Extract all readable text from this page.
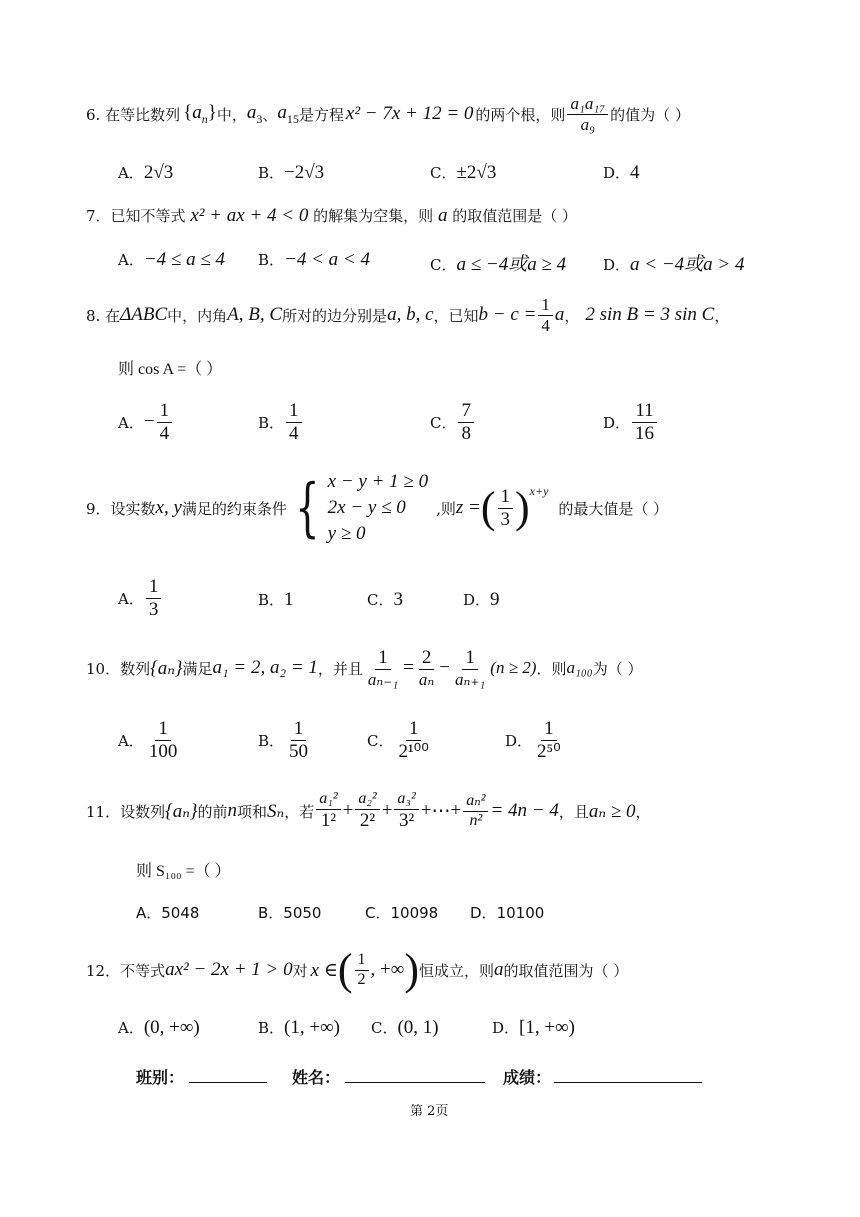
6. 在等比数列 $\{a_n\}$ 中， $a_3$ 、 $a_{15}$ 是方程 x² − 7x + 12 = 0 的两个根，则 $\frac{\text{a₁a₁₇}}{\text{a₉}}$ 的值为（ ）
A．2√3	B．−2√3	C．±2√3	D．4
7．已知不等式 x² + ax + 4 < 0 的解集为空集，则 a 的取值范围是（ ）
A．−4 ≤ a ≤ 4 B．−4 < a < 4	C．a ≤ −4或a ≥ 4 D．a < −4或a > 4
8. 在 ΔABC 中，内角 A, B, C 所对的边分别是 a, b, c ，已知 $b - c = \frac{1}{4}$ a ， 2 sin B = 3 sin C ，
则 cos A =（ ）
A． − $\frac{1}{4}$	B． $\frac{1}{4}$	C． $\frac{7}{8}$	D． $\frac{11}{16}$
9．设实数 x, y 满足的约束条件 { x − y + 1 ≥ 0
2x − y ≤ 0
y ≥ 0
,则 z = ( $\frac{1}{3}$ ) x+y
的最大值是（ ）
A． $\frac{1}{3}$	B．1	C．3	D．9
10．数列 {aₙ} 满足 a₁ = 2, a₂ = 1 ，并且 $\frac{1}{\text{aₙ₋₁}} = \frac{2}{\text{aₙ}} - \frac{1}{\text{aₙ₊₁}} (n \ge 2)$ ．则 a₁₀₀ 为（ ）
A． $\frac{1}{100}$	B． $\frac{1}{50}$	C． $\frac{1}{\text{2¹⁰⁰}}$	D． $\frac{1}{\text{2⁵⁰}}$
11．设数列 {aₙ} 的前 n 项和 Sₙ ，若 $\frac{\text{a₁²}}{\text{1²}} + \frac{\text{a₂²}}{\text{2²}} + \frac{\text{a₃²}}{\text{3²}}$ + ⋯ + $\frac{\text{aₙ²}}{\text{n²}} = 4n - 4$ ，且 aₙ ≥ 0 ，
则 S₁₀₀ =（ ）
A．5048	B．5050	C．10098 D．10100
12．不等式 ax² − 2x + 1 > 0 对 x ∈ ( $\frac{1}{2}$ , +∞ ) 恒成立，则 a 的取值范围为（ ）
A．(0, +∞)	B．(1, +∞) C．(0, 1)	D．[1, +∞)
班别：	姓名：	成绩：
第 2页
